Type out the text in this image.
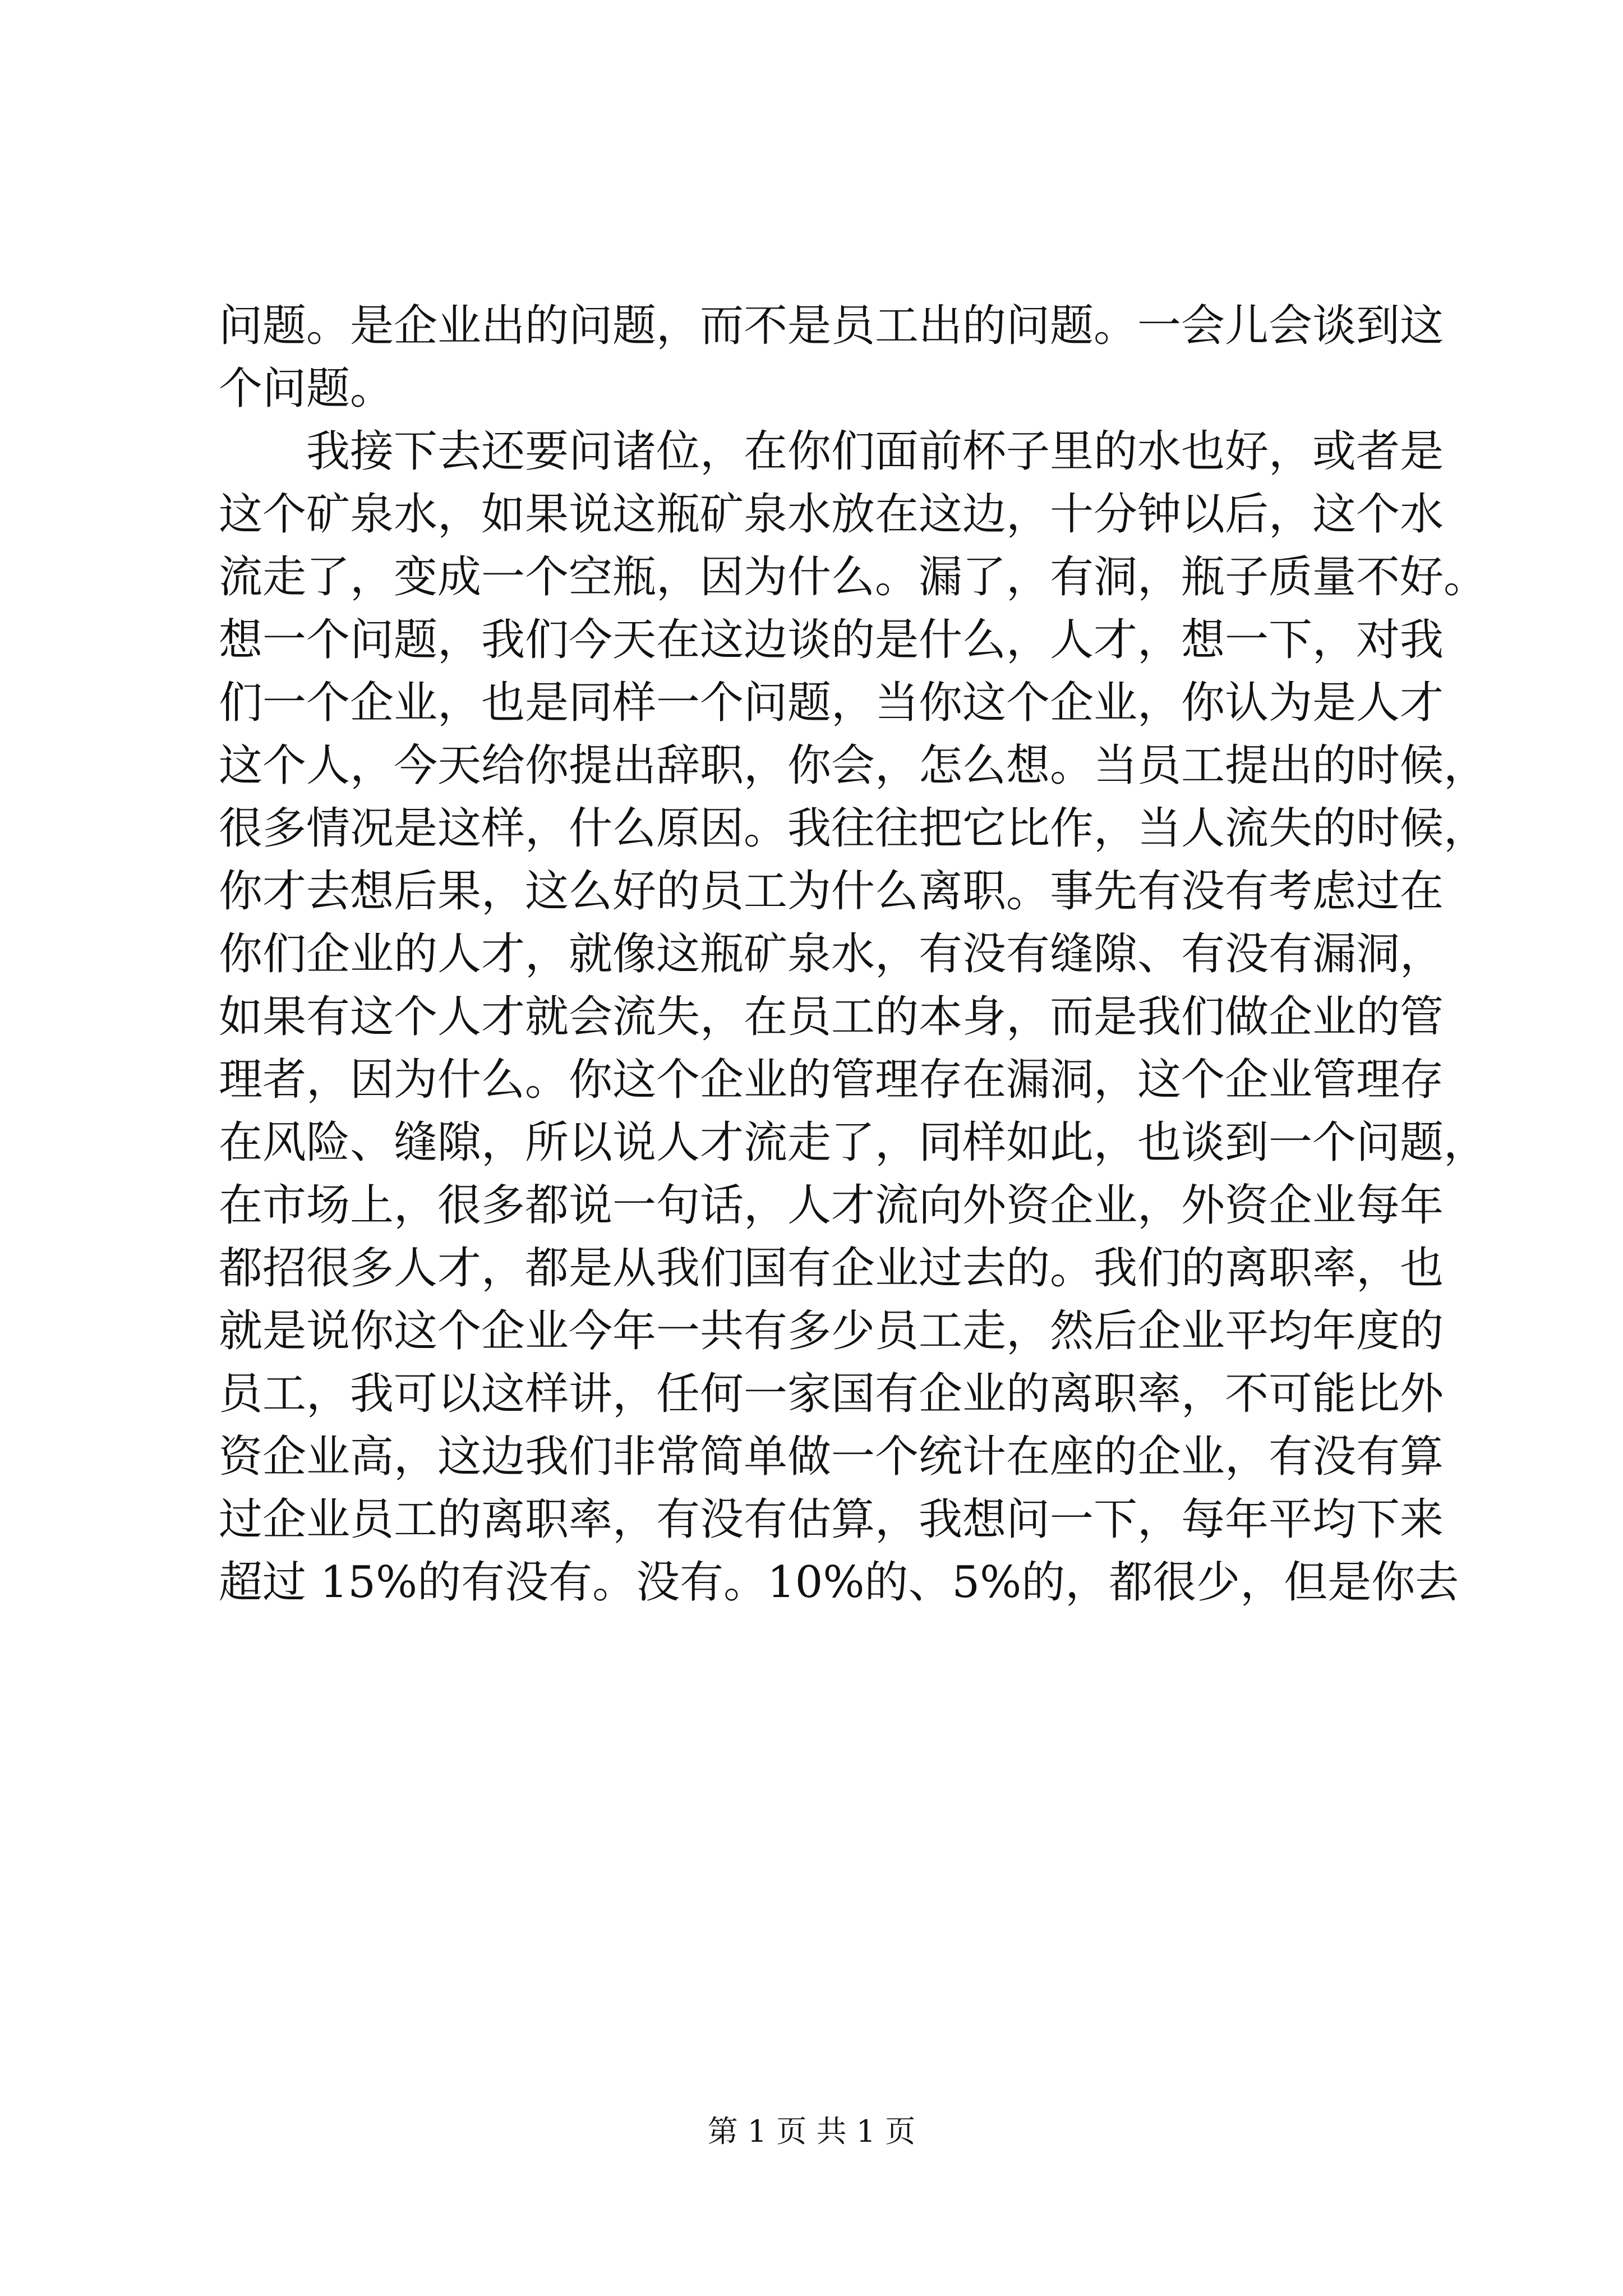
问题。是企业出的问题，而不是员工出的问题。一会儿会谈到这
个问题。
我接下去还要问诸位，在你们面前杯子里的水也好，或者是
这个矿泉水，如果说这瓶矿泉水放在这边，十分钟以后，这个水
流走了，变成一个空瓶，因为什么。漏了，有洞，瓶子质量不好。
想一个问题，我们今天在这边谈的是什么，人才，想一下，对我
们一个企业，也是同样一个问题，当你这个企业，你认为是人才
这个人，今天给你提出辞职，你会，怎么想。当员工提出的时候，
很多情况是这样，什么原因。我往往把它比作，当人流失的时候，
你才去想后果，这么好的员工为什么离职。事先有没有考虑过在
你们企业的人才，就像这瓶矿泉水，有没有缝隙、有没有漏洞，
如果有这个人才就会流失，在员工的本身，而是我们做企业的管
理者，因为什么。你这个企业的管理存在漏洞，这个企业管理存
在风险、缝隙，所以说人才流走了，同样如此，也谈到一个问题，
在市场上，很多都说一句话，人才流向外资企业，外资企业每年
都招很多人才，都是从我们国有企业过去的。我们的离职率，也
就是说你这个企业今年一共有多少员工走，然后企业平均年度的
员工，我可以这样讲，任何一家国有企业的离职率，不可能比外
资企业高，这边我们非常简单做一个统计在座的企业，有没有算
过企业员工的离职率，有没有估算，我想问一下，每年平均下来
超过 15%的有没有。没有。10%的、5%的，都很少，但是你去
第 1 页 共 1 页
